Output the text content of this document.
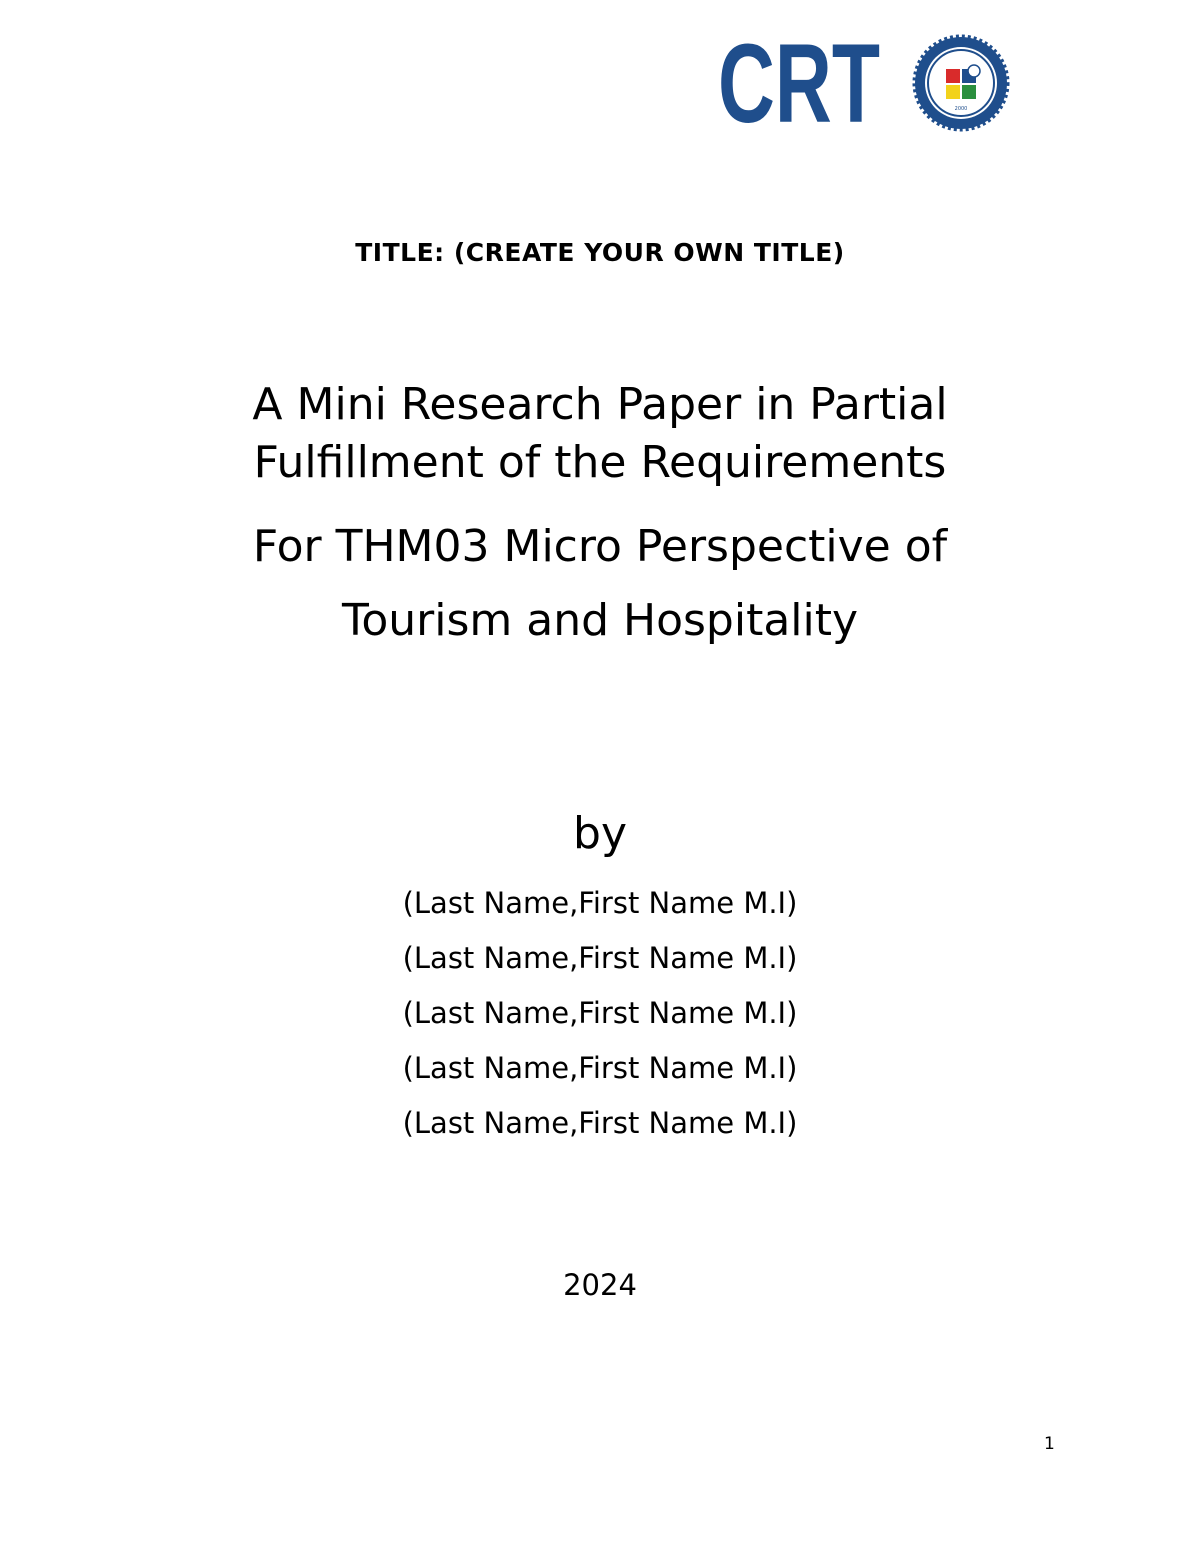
CRT	2000
TITLE: (CREATE YOUR OWN TITLE)
A Mini Research Paper in Partial
Fulfillment of the Requirements
For THM03 Micro Perspective of
Tourism and Hospitality
by
(Last Name,First Name M.I)
(Last Name,First Name M.I)
(Last Name,First Name M.I)
(Last Name,First Name M.I)
(Last Name,First Name M.I)
2024
1
